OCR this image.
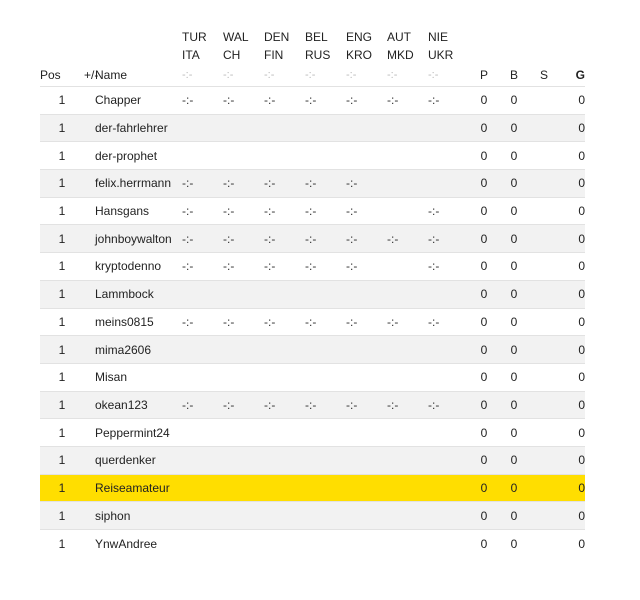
			TUR	WAL	DEN	BEL	ENG	AUT	NIE				
			ITA	CH	FIN	RUS	KRO	MKD	UKR				
Pos	+/-	Name	-:-	-:-	-:-	-:-	-:-	-:-	-:-	P	B	S	G
1		Chapper	-:-	-:-	-:-	-:-	-:-	-:-	-:-	0	0		0
1		der-fahrlehrer								0	0		0
1		der-prophet								0	0		0
1		felix.herrmann	-:-	-:-	-:-	-:-	-:-			0	0		0
1		Hansgans	-:-	-:-	-:-	-:-	-:-		-:-	0	0		0
1		johnboywalton	-:-	-:-	-:-	-:-	-:-	-:-	-:-	0	0		0
1		kryptodenno	-:-	-:-	-:-	-:-	-:-		-:-	0	0		0
1		Lammbock								0	0		0
1		meins0815	-:-	-:-	-:-	-:-	-:-	-:-	-:-	0	0		0
1		mima2606								0	0		0
1		Misan								0	0		0
1		okean123	-:-	-:-	-:-	-:-	-:-	-:-	-:-	0	0		0
1		Peppermint24								0	0		0
1		querdenker								0	0		0
1		Reiseamateur								0	0		0
1		siphon								0	0		0
1		YnwAndree								0	0		0
